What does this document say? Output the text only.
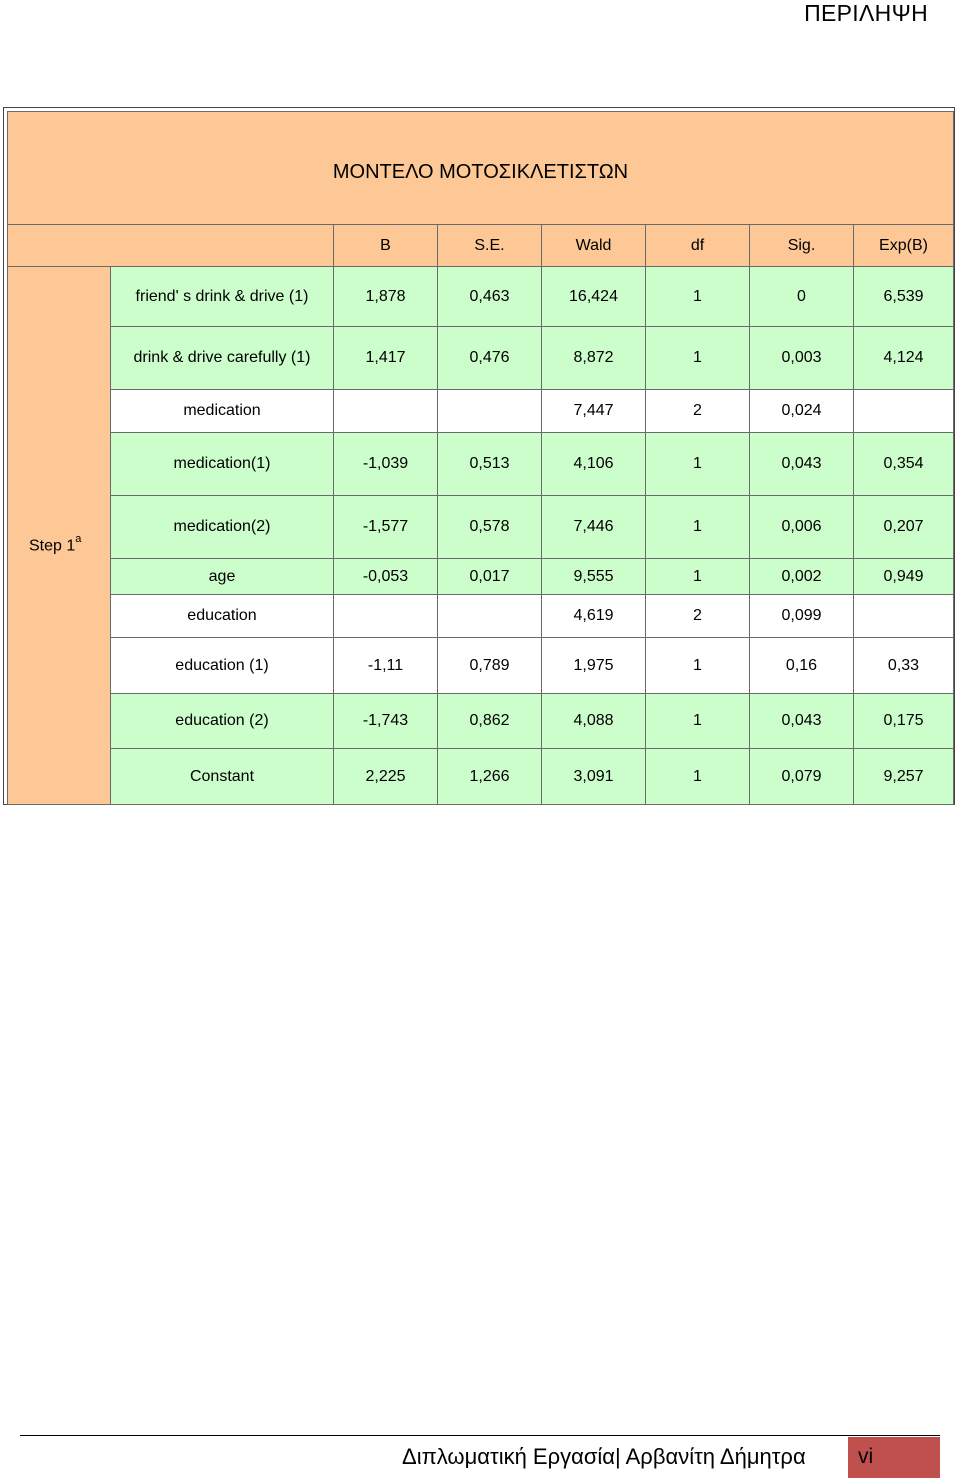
ΠΕΡΙΛΗΨΗ
ΜΟΝΤΕΛΟ ΜΟΤΟΣΙΚΛΕΤΙΣΤΩΝ							
		B	S.E.	Wald	df	Sig.	Exp(B)
Step 1$^a$	friend' s drink & drive (1)	1,878	0,463	16,424	1	0	6,539
	drink & drive carefully (1)	1,417	0,476	8,872	1	0,003	4,124
	medication			7,447	2	0,024	
	medication(1)	-1,039	0,513	4,106	1	0,043	0,354
	medication(2)	-1,577	0,578	7,446	1	0,006	0,207
	age	-0,053	0,017	9,555	1	0,002	0,949
	education			4,619	2	0,099	
	education (1)	-1,11	0,789	1,975	1	0,16	0,33
	education (2)	-1,743	0,862	4,088	1	0,043	0,175
	Constant	2,225	1,266	3,091	1	0,079	9,257
Διπλωματική Εργασία| Αρβανίτη Δήμητρα	vi
